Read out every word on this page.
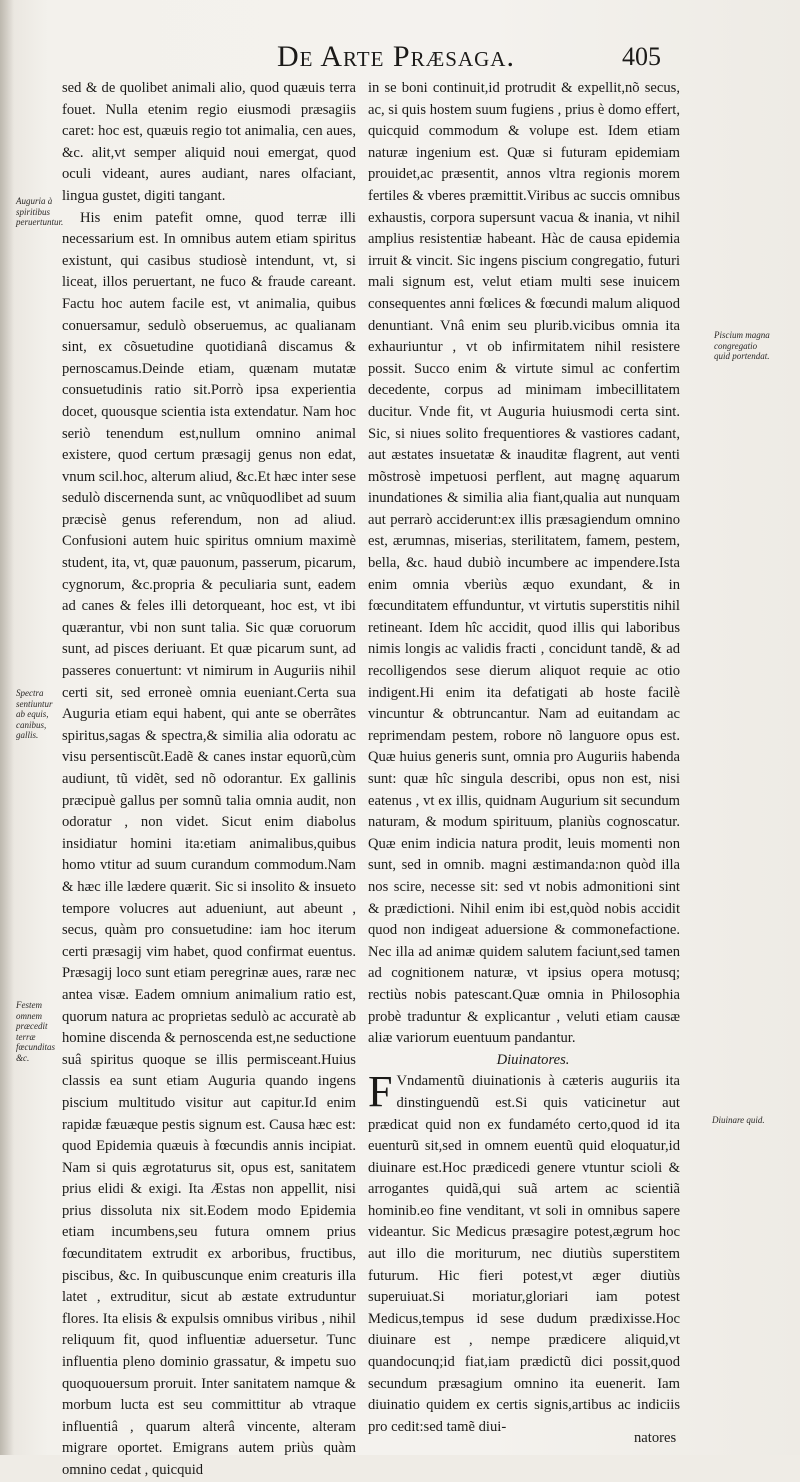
De Arte Præsaga.	405

sed & de quolibet animali alio, quod quæuis terra fouet. Nulla etenim regio eiusmodi præsagiis caret: hoc est, quæuis regio tot animalia, cen aues, &c. alit,vt semper aliquid noui emergat, quod oculi videant, aures audiant, nares olfaciant, lingua gustet, digiti tangant.

His enim patefit omne, quod terræ illi necessarium est. In omnibus autem etiam spiritus existunt, qui casibus studiosè intendunt, vt, si liceat, illos peruertant, ne fuco & fraude careant. Factu hoc autem facile est, vt animalia, quibus conuersamur, sedulò obseruemus, ac qualianam sint, ex cõsuetudine quotidianâ discamus & pernoscamus.Deinde etiam, quænam mutatæ consuetudinis ratio sit.Porrò ipsa experientia docet, quousque scientia ista extendatur. Nam hoc seriò tenendum est,nullum omnino animal existere, quod certum præsagij genus non edat, vnum scil.hoc, alterum aliud, &c.Et hæc inter sese sedulò discernenda sunt, ac vnũquodlibet ad suum præcisè genus referendum, non ad aliud. Confusioni autem huic spiritus omnium maximè student, ita, vt, quæ pauonum, passerum, picarum, cygnorum, &c.propria & peculiaria sunt, eadem ad canes & feles illi detorqueant, hoc est, vt ibi quærantur, vbi non sunt talia. Sic quæ coruorum sunt, ad pisces deriuant. Et quæ picarum sunt, ad passeres conuertunt: vt nimirum in Auguriis nihil certi sit, sed erroneè omnia eueniant.Certa sua Auguria etiam equi habent, qui ante se oberrãtes spiritus,sagas & spectra,& similia alia odoratu ac visu persentiscũt.Eadẽ & canes instar equorũ,cùm audiunt, tũ vidẽt, sed nõ odorantur. Ex gallinis præcipuè gallus per somnũ talia omnia audit, non odoratur , non videt. Sicut enim diabolus insidiatur homini ita:etiam animalibus,quibus homo vtitur ad suum curandum commodum.Nam & hæc ille lædere quærit. Sic si insolito & insueto tempore volucres aut adueniunt, aut abeunt , secus, quàm pro consuetudine: iam hoc iterum certi præsagij vim habet, quod confirmat euentus. Præsagij loco sunt etiam peregrinæ aues, raræ nec antea visæ. Eadem omnium animalium ratio est, quorum natura ac proprietas sedulò ac accuratè ab homine discenda & pernoscenda est,ne seductione suâ spiritus quoque se illis permisceant.Huius classis ea sunt etiam Auguria quando ingens piscium multitudo visitur aut capitur.Id enim rapidæ fæuæque pestis signum est. Causa hæc est: quod Epidemia quæuis à fœcundis annis incipiat. Nam si quis ægrotaturus sit, opus est, sanitatem prius elidi & exigi. Ita Æstas non appellit, nisi prius dissoluta nix sit.Eodem modo Epidemia etiam incumbens,seu futura omnem prius fœcunditatem extrudit ex arboribus, fructibus, piscibus, &c. In quibuscunque enim creaturis illa latet , extruditur, sicut ab æstate extruduntur flores. Ita elisis & expulsis omnibus viribus , nihil reliquum fit, quod influentiæ aduersetur. Tunc influentia pleno dominio grassatur, & impetu suo quoquouersum proruit. Inter sanitatem namque & morbum lucta est seu committitur ab vtraque influentiâ , quarum alterâ vincente, alteram migrare oportet. Emigrans autem priùs quàm omnino cedat , quicquid

in se boni continuit,id protrudit & expellit,nõ secus, ac, si quis hostem suum fugiens , prius è domo effert, quicquid commodum & volupe est. Idem etiam naturæ ingenium est. Quæ si futuram epidemiam prouidet,ac præsentit, annos vltra regionis morem fertiles & vberes præmittit.Viribus ac succis omnibus exhaustis, corpora supersunt vacua & inania, vt nihil amplius resistentiæ habeant. Hàc de causa epidemia irruit & vincit. Sic ingens piscium congregatio, futuri mali signum est, velut etiam multi sese inuicem consequentes anni fœlices & fœcundi malum aliquod denuntiant. Vnâ enim seu plurib.vicibus omnia ita exhauriuntur , vt ob infirmitatem nihil resistere possit. Succo enim & virtute simul ac confertim decedente, corpus ad minimam imbecillitatem ducitur. Vnde fit, vt Auguria huiusmodi certa sint. Sic, si niues solito frequentiores & vastiores cadant, aut æstates insuetatæ & inauditæ flagrent, aut venti mõstrosè impetuosi perflent, aut magnę aquarum inundationes & similia alia fiant,qualia aut nunquam aut perrarò acciderunt:ex illis præsagiendum omnino est, ærumnas, miserias, sterilitatem, famem, pestem, bella, &c. haud dubiò incumbere ac impendere.Ista enim omnia vberiùs æquo exundant, & in fœcunditatem effunduntur, vt virtutis superstitis nihil retineant. Idem hîc accidit, quod illis qui laboribus nimis longis ac validis fracti , concidunt tandẽ, & ad recolligendos sese dierum aliquot requie ac otio indigent.Hi enim ita defatigati ab hoste facilè vincuntur & obtruncantur. Nam ad euitandam ac reprimendam pestem, robore nõ languore opus est. Quæ huius generis sunt, omnia pro Auguriis habenda sunt: quæ hîc singula describi, opus non est, nisi eatenus , vt ex illis, quidnam Augurium sit secundum naturam, & modum spirituum, planiùs cognoscatur. Quæ enim indicia natura prodit, leuis momenti non sunt, sed in omnib. magni æstimanda:non quòd illa nos scire, necesse sit: sed vt nobis admonitioni sint & prædictioni. Nihil enim ibi est,quòd nobis accidit quod non indigeat aduersione & commonefactione. Nec illa ad animæ quidem salutem faciunt,sed tamen ad cognitionem naturæ, vt ipsius opera motusq; rectiùs nobis patescant.Quæ omnia in Philosophia probè traduntur & explicantur , veluti etiam causæ aliæ variorum euentuum pandantur.

Diuinatores.

F Vndamentũ diuinationis à cæteris auguriis ita dinstinguendũ est.Si quis vaticinetur aut prædicat quid non ex fundaméto certo,quod id ita euenturũ sit,sed in omnem euentũ quid eloquatur,id diuinare est.Hoc prædicedi genere vtuntur scioli & arrogantes quidã,qui suã artem ac scientiã hominib.eo fine venditant, vt soli in omnibus sapere videantur. Sic Medicus præsagire potest,ægrum hoc aut illo die moriturum, nec diutiùs superstitem futurum. Hic fieri potest,vt æger diutiùs superuiuat.Si moriatur,gloriari iam potest Medicus,tempus id sese dudum prædixisse.Hoc diuinare est , nempe prædicere aliquid,vt quandocunq;id fiat,iam prædictũ dici possit,quod secundum præsagium omnino ita euenerit. Iam diuinatio quidem ex certis signis,artibus ac indiciis pro cedit:sed tamẽ diui-

natores
Auguria à spiritibus peruertuntur.
Spectra sentiuntur ab equis, canibus, gallis.
Festem omnem præcedit terræ fœcunditas &c.
Piscium magna congregatio quid portendat.
Diuinare quid.
